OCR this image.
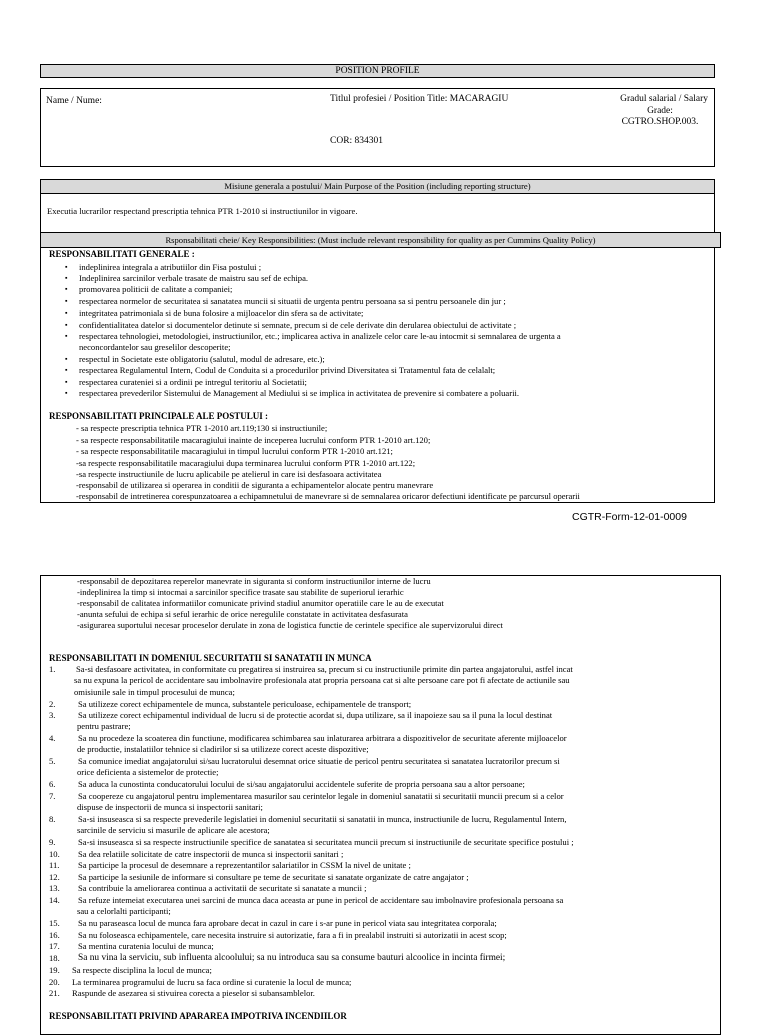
POSITION PROFILE
Name / Nume:	Titlul profesiei / Position Title: MACARAGIU
COR: 834301
Gradul salarial / Salary
Grade:
CGTRO.SHOP.003.
Misiune generala a postului/ Main Purpose of the Position (including reporting structure)
Executia lucrarilor respectand prescriptia tehnica PTR 1-2010 si instructiunilor in vigoare.
Rsponsabilitati cheie/ Key Responsibilities: (Must include relevant responsibility for quality as per Cummins Quality Policy)
RESPONSABILITATI GENERALE :
▪ indeplinirea integrala a atributiilor din Fisa postului ;
▪ Indeplinirea sarcinilor verbale trasate de maistru sau sef de echipa.
▪ promovarea politicii de calitate a companiei;
▪ respectarea normelor de securitatea si sanatatea muncii si situatii de urgenta pentru persoana sa si pentru persoanele din jur ;
▪ integritatea patrimoniala si de buna folosire a mijloacelor din sfera sa de activitate;
▪ confidentialitatea datelor si documentelor detinute si semnate, precum si de cele derivate din derularea obiectului de activitate ;
▪ respectarea tehnologiei, metodologiei, instructiunilor, etc.; implicarea activa in analizele celor care le-au intocmit si semnalarea de urgenta a
neconcordantelor sau greselilor descoperite;
▪ respectul in Societate este obligatoriu (salutul, modul de adresare, etc.);
▪ respectarea Regulamentul Intern, Codul de Conduita si a procedurilor privind Diversitatea si Tratamentul fata de celalalt;
▪ respectarea curateniei si a ordinii pe intregul teritoriu al Societatii;
▪ respectarea prevederilor Sistemului de Management al Mediului si se implica in activitatea de prevenire si combatere a poluarii.
RESPONSABILITATI PRINCIPALE ALE POSTULUI :
- sa respecte prescriptia tehnica PTR 1-2010 art.119;130 si instructiunile;
- sa respecte responsabilitatile macaragiului inainte de inceperea lucrului conform PTR 1-2010 art.120;
- sa respecte responsabilitatile macaragiului in timpul lucrului conform PTR 1-2010 art.121;
-sa respecte responsabilitatile macaragiului dupa terminarea lucrului conform PTR 1-2010 art.122;
-sa respecte instructiunile de lucru aplicabile pe atelierul in care isi desfasoara activitatea
-responsabil de utilizarea si operarea in conditii de siguranta a echipamentelor alocate pentru manevrare
-responsabil de intretinerea corespunzatoarea a echipamnetului de manevrare si de semnalarea oricaror defectiuni identificate pe parcursul operarii
CGTR-Form-12-01-0009
-responsabil de depozitarea reperelor manevrate in siguranta si conform instructiunilor interne de lucru
-indeplinirea la timp si intocmai a sarcinilor specifice trasate sau stabilite de superiorul ierarhic
-responsabil de calitatea informatiilor comunicate privind stadiul anumitor operatiile care le au de executat
-anunta sefului de echipa si seful ierarhic de orice neregulile constatate in activitatea desfasurata
-asigurarea suportului necesar proceselor derulate in zona de logistica functie de cerintele specifice ale supervizorului direct
RESPONSABILITATI IN DOMENIUL SECURITATII SI SANATATII IN MUNCA
1. Sa-si desfasoare activitatea, in conformitate cu pregatirea si instruirea sa, precum si cu instructiunile primite din partea angajatorului, astfel incat
sa nu expuna la pericol de accidentare sau imbolnavire profesionala atat propria persoana cat si alte persoane care pot fi afectate de actiunile sau
omisiunile sale in timpul procesului de munca;
2.	Sa utilizeze corect echipamentele de munca, substantele periculoase, echipamentele de transport;
3.	Sa utilizeze corect echipamentul individual de lucru si de protectie acordat si, dupa utilizare, sa il inapoieze sau sa il puna la locul destinat
pentru pastrare;
4.	Sa nu procedeze la scoaterea din functiune, modificarea schimbarea sau inlaturarea arbitrara a dispozitivelor de securitate aferente mijloacelor
de productie, instalatiilor tehnice si cladirilor si sa utilizeze corect aceste dispozitive;
5.	Sa comunice imediat angajatorului si/sau lucratorului desemnat orice situatie de pericol pentru securitatea si sanatatea lucratorilor precum si
orice deficienta a sistemelor de protectie;
6.	Sa aduca la cunostinta conducatorului locului de si/sau angajatorului accidentele suferite de propria persoana sau a altor persoane;
7.	Sa coopereze cu angajatorul pentru implementarea masurilor sau cerintelor legale in domeniul sanatatii si securitatii muncii precum si a celor
dispuse de inspectorii de munca si inspectorii sanitari;
8.	Sa-si insuseasca si sa respecte prevederile legislatiei in domeniul securitatii si sanatatii in munca, instructiunile de lucru, Regulamentul Intern,
sarcinile de serviciu si masurile de aplicare ale acestora;
9.	Sa-si insuseasca si sa respecte instructiunile specifice de sanatatea si securitatea muncii precum si instructiunile de securitate specifice postului ;
10. Sa dea relatiile solicitate de catre inspectorii de munca si inspectorii sanitari ;
11. Sa participe la procesul de desemnare a reprezentantilor salariatilor in CSSM la nivel de unitate ;
12. Sa participe la sesiunile de informare si consultare pe teme de securitate si sanatate organizate de catre angajator ;
13. Sa contribuie la ameliorarea continua a activitatii de securitate si sanatate a muncii ;
14. Sa refuze intemeiat executarea unei sarcini de munca daca aceasta ar pune in pericol de accidentare sau imbolnavire profesionala persoana sa
sau a celorlalti participanti;
15. Sa nu paraseasca locul de munca fara aprobare decat in cazul in care i s-ar pune in pericol viata sau integritatea corporala;
16. Sa nu foloseasca echipamentele, care necesita instruire si autorizatie, fara a fi in prealabil instruiti si autorizatii in acest scop;
17. Sa mentina curatenia locului de munca;
18. Sa nu vina la serviciu, sub influenta alcoolului; sa nu introduca sau sa consume bauturi alcoolice in incinta firmei;
19. Sa respecte disciplina la locul de munca;
20. La terminarea programului de lucru sa faca ordine si curatenie la locul de munca;
21. Raspunde de asezarea si stivuirea corecta a pieselor si subansamblelor.
RESPONSABILITATI PRIVIND APARAREA IMPOTRIVA INCENDIILOR
